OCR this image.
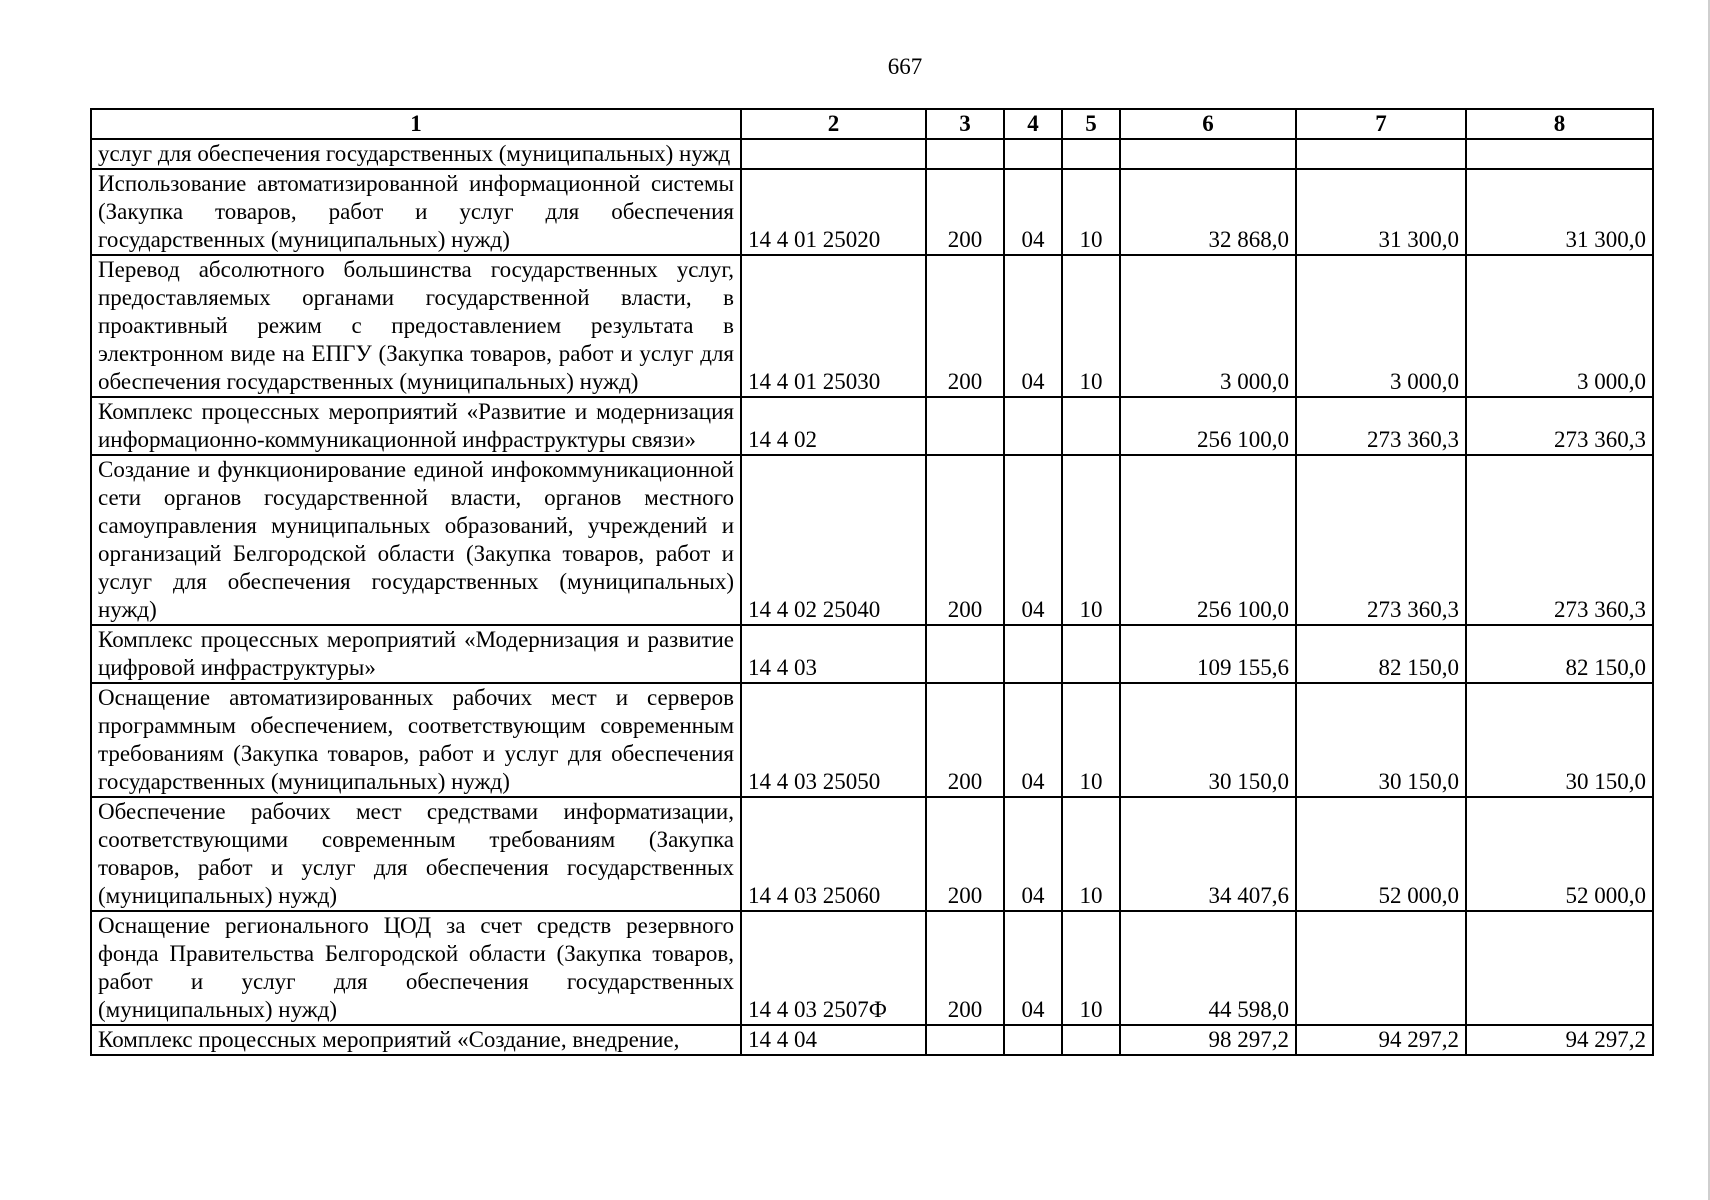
667
1	2	3	4	5	6	7	8
услуг для обеспечения государственных (муниципальных) нужд							
Использование автоматизированной информационной системы (Закупка товаров, работ и услуг для обеспечения государственных (муниципальных) нужд)	14 4 01 25020	200	04	10	32 868,0	31 300,0	31 300,0
Перевод абсолютного большинства государственных услуг, предоставляемых органами государственной власти, в проактивный режим с предоставлением результата в электронном виде на ЕПГУ (Закупка товаров, работ и услуг для обеспечения государственных (муниципальных) нужд)	14 4 01 25030	200	04	10	3 000,0	3 000,0	3 000,0
Комплекс процессных мероприятий «Развитие и модернизация информационно-коммуникационной инфраструктуры связи»	14 4 02				256 100,0	273 360,3	273 360,3
Создание и функционирование единой инфокоммуникационной сети органов государственной власти, органов местного самоуправления муниципальных образований, учреждений и организаций Белгородской области (Закупка товаров, работ и услуг для обеспечения государственных (муниципальных) нужд)	14 4 02 25040	200	04	10	256 100,0	273 360,3	273 360,3
Комплекс процессных мероприятий «Модернизация и развитие цифровой инфраструктуры»	14 4 03				109 155,6	82 150,0	82 150,0
Оснащение автоматизированных рабочих мест и серверов программным обеспечением, соответствующим современным требованиям (Закупка товаров, работ и услуг для обеспечения государственных (муниципальных) нужд)	14 4 03 25050	200	04	10	30 150,0	30 150,0	30 150,0
Обеспечение рабочих мест средствами информатизации, соответствующими современным требованиям (Закупка товаров, работ и услуг для обеспечения государственных (муниципальных) нужд)	14 4 03 25060	200	04	10	34 407,6	52 000,0	52 000,0
Оснащение регионального ЦОД за счет средств резервного фонда Правительства Белгородской области (Закупка товаров, работ и услуг для обеспечения государственных (муниципальных) нужд)	14 4 03 2507Ф	200	04	10	44 598,0		
Комплекс процессных мероприятий «Создание, внедрение,	14 4 04				98 297,2	94 297,2	94 297,2
